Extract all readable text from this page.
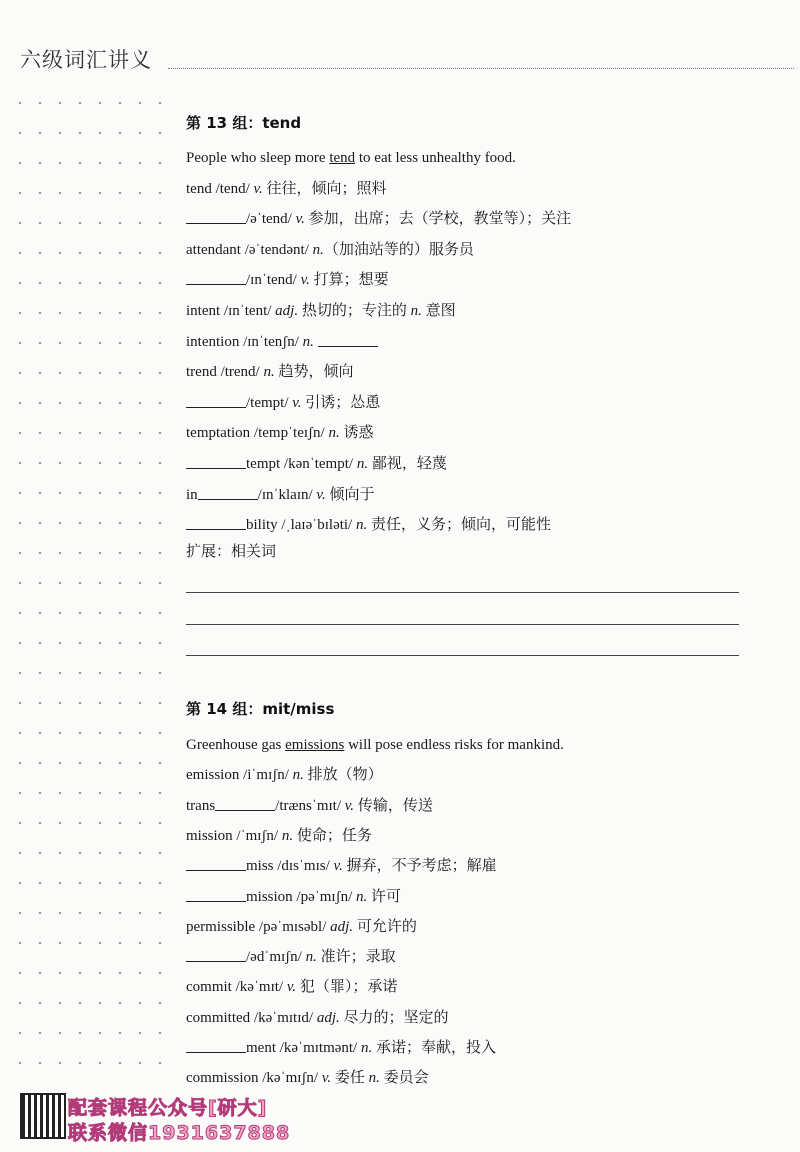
六级词汇讲义
第 13 组：tend
People who sleep more tend to eat less unhealthy food.
tend /tend/ v. 往往，倾向；照料
/əˈtend/ v. 参加，出席；去（学校，教堂等）；关注
attendant /əˈtendənt/ n.（加油站等的）服务员
/ɪnˈtend/ v. 打算；想要
intent /ɪnˈtent/ adj. 热切的；专注的 n. 意图
intention /ɪnˈtenʃn/ n.
trend /trend/ n. 趋势，倾向
/tempt/ v. 引诱；怂恿
temptation /tempˈteɪʃn/ n. 诱惑
tempt /kənˈtempt/ n. 鄙视，轻蔑
in	/ɪnˈklaɪn/ v. 倾向于
bility /ˌlaɪəˈbɪləti/ n. 责任，义务；倾向，可能性
扩展：相关词
第 14 组：mit/miss
Greenhouse gas emissions will pose endless risks for mankind.
emission /iˈmɪʃn/ n. 排放（物）
trans	/trænsˈmɪt/ v. 传输，传送
mission /ˈmɪʃn/ n. 使命；任务
miss /dɪsˈmɪs/ v. 摒弃，不予考虑；解雇
mission /pəˈmɪʃn/ n. 许可
permissible /pəˈmɪsəbl/ adj. 可允许的
/ədˈmɪʃn/ n. 准许；录取
commit /kəˈmɪt/ v. 犯（罪）；承诺
committed /kəˈmɪtɪd/ adj. 尽力的；坚定的
ment /kəˈmɪtmənt/ n. 承诺；奉献，投入
commission /kəˈmɪʃn/ v. 委任 n. 委员会
配套课程公众号[研大]
联系微信1931637888
